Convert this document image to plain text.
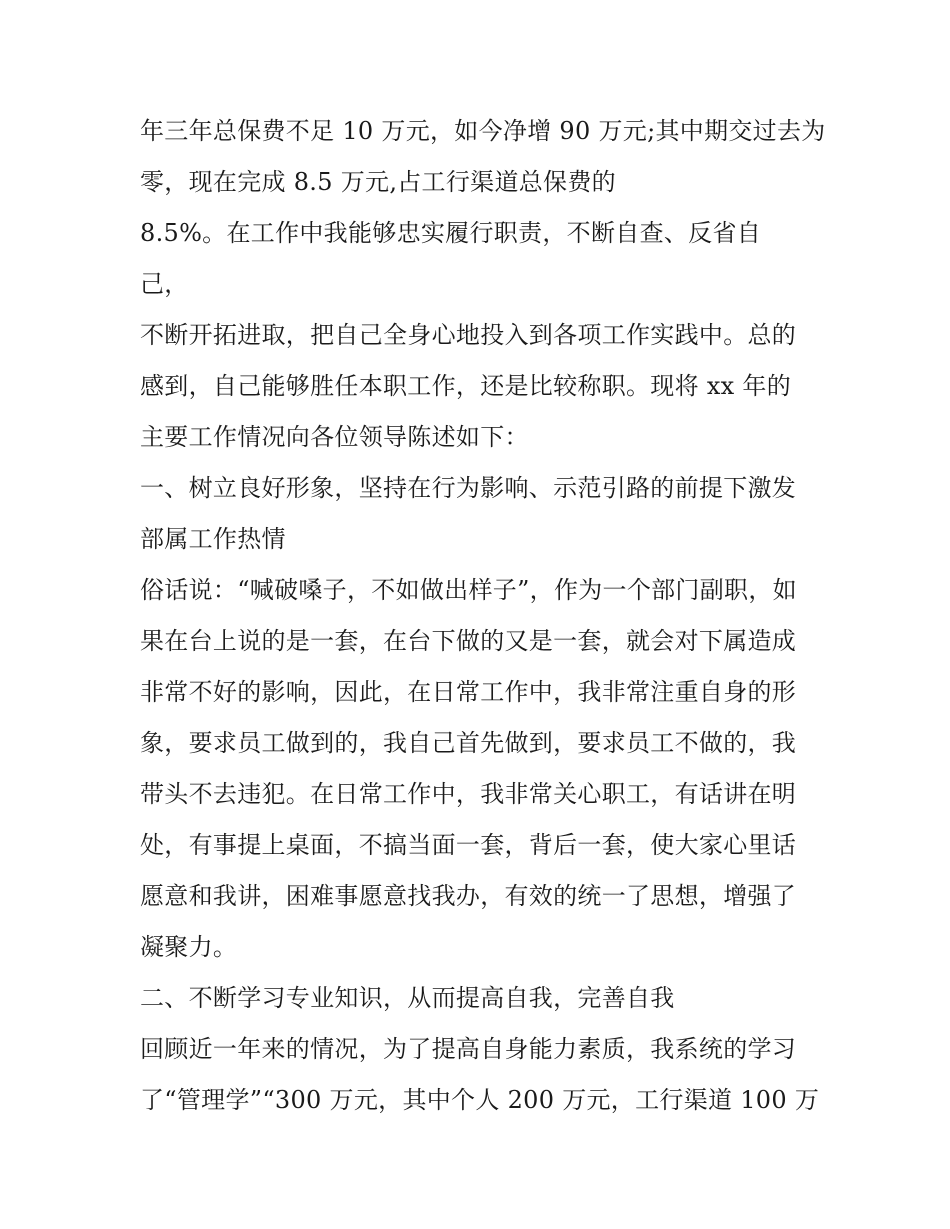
年三年总保费不足 10 万元，如今净增 90 万元;其中期交过去为
零，现在完成 8.5 万元,占工行渠道总保费的
8.5%。在工作中我能够忠实履行职责，不断自查、反省自
己，
不断开拓进取，把自己全身心地投入到各项工作实践中。总的
感到，自己能够胜任本职工作，还是比较称职。现将 xx 年的
主要工作情况向各位领导陈述如下：
一、树立良好形象，坚持在行为影响、示范引路的前提下激发
部属工作热情
俗话说：“喊破嗓子，不如做出样子”，作为一个部门副职，如
果在台上说的是一套，在台下做的又是一套，就会对下属造成
非常不好的影响，因此，在日常工作中，我非常注重自身的形
象，要求员工做到的，我自己首先做到，要求员工不做的，我
带头不去违犯。在日常工作中，我非常关心职工，有话讲在明
处，有事提上桌面，不搞当面一套，背后一套，使大家心里话
愿意和我讲，困难事愿意找我办，有效的统一了思想，增强了
凝聚力。
二、不断学习专业知识，从而提高自我，完善自我
回顾近一年来的情况，为了提高自身能力素质，我系统的学习
了“管理学”“300 万元，其中个人 200 万元，工行渠道 100 万
